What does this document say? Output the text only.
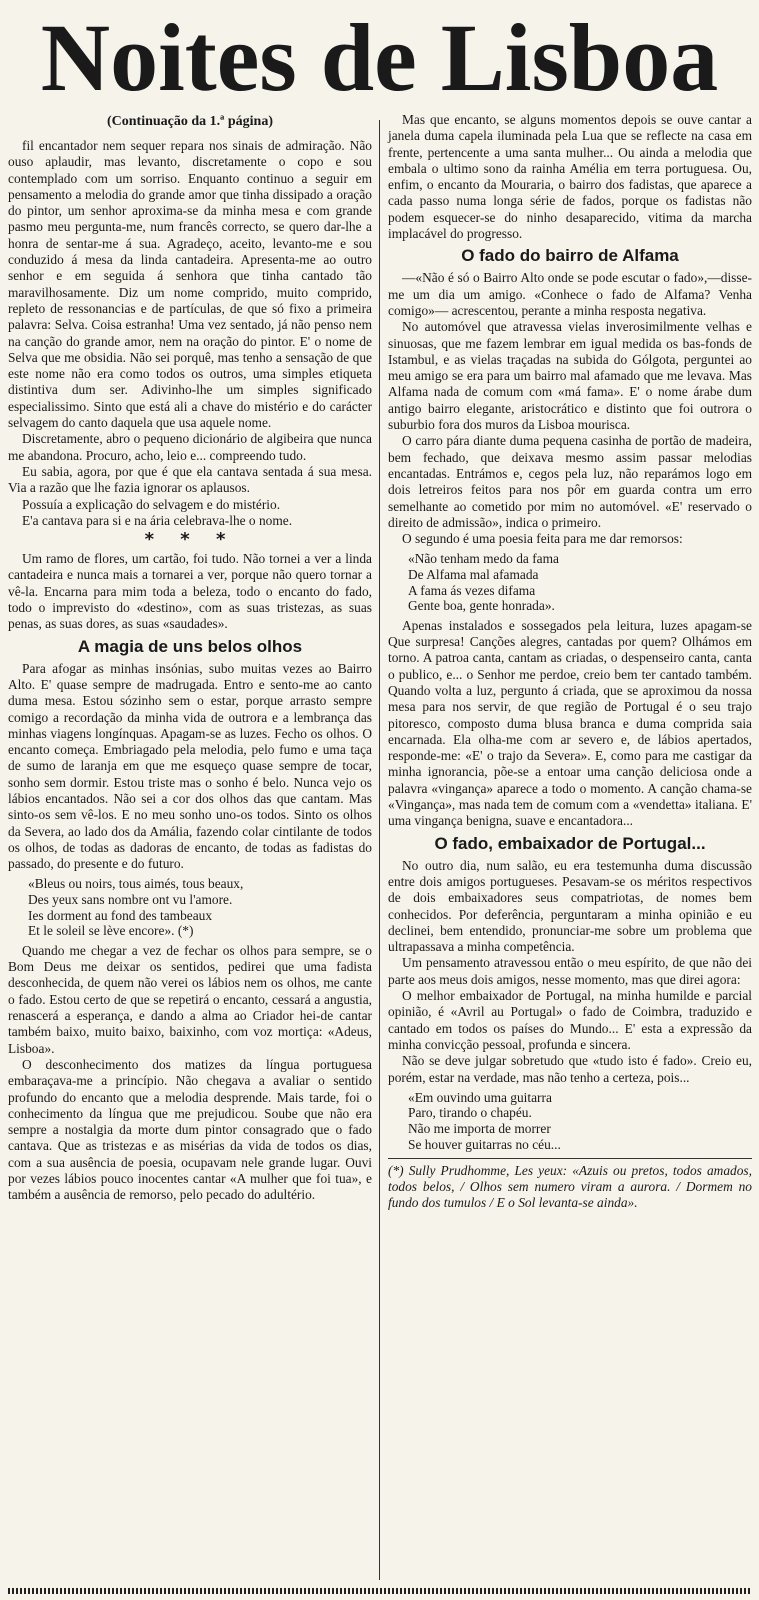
Noites de Lisboa
(Continuação da 1.ª página)

fil encantador nem sequer repara nos sinais de admiração. Não ouso aplaudir, mas levanto, discretamente o copo e sou contemplado com um sorriso. Enquanto continuo a seguir em pensamento a melodia do grande amor que tinha dissipado a oração do pintor, um senhor aproxima-se da minha mesa e com grande pasmo meu pergunta-me, num francês correcto, se quero dar-lhe a honra de sentar-me á sua. Agradeço, aceito, levanto-me e sou conduzido á mesa da linda cantadeira. Apresenta-me ao outro senhor e em seguida á senhora que tinha cantado tão maravilhosamente. Diz um nome comprido, muito comprido, repleto de ressonancias e de partículas, de que só fixo a primeira palavra: Selva. Coisa estranha! Uma vez sentado, já não penso nem na canção do grande amor, nem na oração do pintor. E' o nome de Selva que me obsidia. Não sei porquê, mas tenho a sensação de que este nome não era como todos os outros, uma simples etiqueta distintiva dum ser. Adivinho-lhe um simples significado especialissimo. Sinto que está ali a chave do mistério e do carácter selvagem do canto daquela que usa aquele nome.

Discretamente, abro o pequeno dicionário de algibeira que nunca me abandona. Procuro, acho, leio e... compreendo tudo.

Eu sabia, agora, por que é que ela cantava sentada á sua mesa. Via a razão que lhe fazia ignorar os aplausos.

Possuía a explicação do selvagem e do mistério.

E'a cantava para si e na ária celebrava-lhe o nome.

* * *

Um ramo de flores, um cartão, foi tudo. Não tornei a ver a linda cantadeira e nunca mais a tornarei a ver, porque não quero tornar a vê-la. Encarna para mim toda a beleza, todo o encanto do fado, todo o imprevisto do «destino», com as suas tristezas, as suas penas, as suas dores, as suas «saudades».

A magia de uns belos olhos

Para afogar as minhas insónias, subo muitas vezes ao Bairro Alto. E' quase sempre de madrugada. Entro e sento-me ao canto duma mesa. Estou sózinho sem o estar, porque arrasto sempre comigo a recordação da minha vida de outrora e a lembrança das minhas viagens longínquas. Apagam-se as luzes. Fecho os olhos. O encanto começa. Embriagado pela melodia, pelo fumo e uma taça de sumo de laranja em que me esqueço quase sempre de tocar, sonho sem dormir. Estou triste mas o sonho é belo. Nunca vejo os lábios encantados. Não sei a cor dos olhos das que cantam. Mas sinto-os sem vê-los. E no meu sonho uno-os todos. Sinto os olhos da Severa, ao lado dos da Amália, fazendo colar cintilante de todos os olhos, de todas as dadoras de encanto, de todas as fadistas do passado, do presente e do futuro.

«Bleus ou noirs, tous aimés, tous beaux,
Des yeux sans nombre ont vu l'amore.
Ies dorment au fond des tambeaux
Et le soleil se lève encore». (*)

Quando me chegar a vez de fechar os olhos para sempre, se o Bom Deus me deixar os sentidos, pedirei que uma fadista desconhecida, de quem não verei os lábios nem os olhos, me cante o fado. Estou certo de que se repetirá o encanto, cessará a angustia, renascerá a esperança, e dando a alma ao Criador hei-de cantar também baixo, muito baixo, baixinho, com voz mortiça: «Adeus, Lisboa».

O desconhecimento dos matizes da língua portuguesa embaraçava-me a princípio. Não chegava a avaliar o sentido profundo do encanto que a melodia desprende. Mais tarde, foi o conhecimento da língua que me prejudicou. Soube que não era sempre a nostalgia da morte dum pintor consagrado que o fado cantava. Que as tristezas e as misérias da vida de todos os dias, com a sua ausência de poesia, ocupavam nele grande lugar. Ouvi por vezes lábios pouco inocentes cantar «A mulher que foi tua», e também a ausência de remorso, pelo pecado do adultério.

Mas que encanto, se alguns momentos depois se ouve cantar a janela duma capela iluminada pela Lua que se reflecte na casa em frente, pertencente a uma santa mulher... Ou ainda a melodia que embala o ultimo sono da rainha Amélia em terra portuguesa. Ou, enfim, o encanto da Mouraria, o bairro dos fadistas, que aparece a cada passo numa longa série de fados, porque os fadistas não podem esquecer-se do ninho desaparecido, vitima da marcha implacável do progresso.

O fado do bairro de Alfama

—«Não é só o Bairro Alto onde se pode escutar o fado»,—disse-me um dia um amigo. «Conhece o fado de Alfama? Venha comigo»— acrescentou, perante a minha resposta negativa.

No automóvel que atravessa vielas inverosimilmente velhas e sinuosas, que me fazem lembrar em igual medida os bas-fonds de Istambul, e as vielas traçadas na subida do Gólgota, perguntei ao meu amigo se era para um bairro mal afamado que me levava. Mas Alfama nada de comum com «má fama». E' o nome árabe dum antigo bairro elegante, aristocrático e distinto que foi outrora o suburbio fora dos muros da Lisboa mourisca.

O carro pára diante duma pequena casinha de portão de madeira, bem fechado, que deixava mesmo assim passar melodias encantadas. Entrámos e, cegos pela luz, não reparámos logo em dois letreiros feitos para nos pôr em guarda contra um erro semelhante ao cometido por mim no automóvel. «E' reservado o direito de admissão», indica o primeiro.

O segundo é uma poesia feita para me dar remorsos:

«Não tenham medo da fama
De Alfama mal afamada
A fama ás vezes difama
Gente boa, gente honrada».

Apenas instalados e sossegados pela leitura, luzes apagam-se Que surpresa! Canções alegres, cantadas por quem? Olhámos em torno. A patroa canta, cantam as criadas, o despenseiro canta, canta o publico, e... o Senhor me perdoe, creio bem ter cantado também. Quando volta a luz, pergunto á criada, que se aproximou da nossa mesa para nos servir, de que região de Portugal é o seu trajo pitoresco, composto duma blusa branca e duma comprida saia encarnada. Ela olha-me com ar severo e, de lábios apertados, responde-me: «E' o trajo da Severa». E, como para me castigar da minha ignorancia, põe-se a entoar uma canção deliciosa onde a palavra «vingança» aparece a todo o momento. A canção chama-se «Vingança», mas nada tem de comum com a «vendetta» italiana. E' uma vingança benigna, suave e encantadora...

O fado, embaixador de Portugal...

No outro dia, num salão, eu era testemunha duma discussão entre dois amigos portugueses. Pesavam-se os méritos respectivos de dois embaixadores seus compatriotas, de nomes bem conhecidos. Por deferência, perguntaram a minha opinião e eu declinei, bem entendido, pronunciar-me sobre um problema que ultrapassava a minha competência.

Um pensamento atravessou então o meu espírito, de que não dei parte aos meus dois amigos, nesse momento, mas que direi agora:

O melhor embaixador de Portugal, na minha humilde e parcial opinião, é «Avril au Portugal» o fado de Coimbra, traduzido e cantado em todos os países do Mundo... E' esta a expressão da minha convicção pessoal, profunda e sincera.

Não se deve julgar sobretudo que «tudo isto é fado». Creio eu, porém, estar na verdade, mas não tenho a certeza, pois...

«Em ouvindo uma guitarra
Paro, tirando o chapéu.
Não me importa de morrer
Se houver guitarras no céu...
(*) Sully Prudhomme, Les yeux: «Azuis ou pretos, todos amados, todos belos, / Olhos sem numero viram a aurora. / Dormem no fundo dos tumulos / E o Sol levanta-se ainda».
